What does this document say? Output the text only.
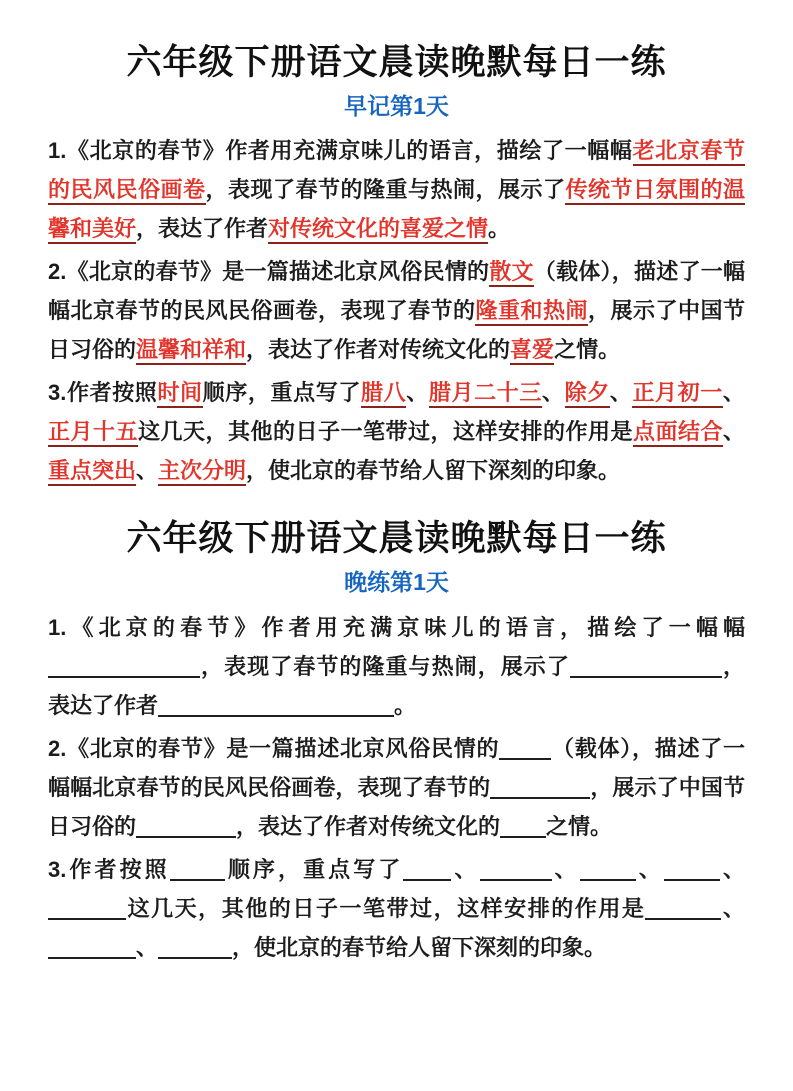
六年级下册语文晨读晚默每日一练
早记第1天

1.《北京的春节》作者用充满京味儿的语言，描绘了一幅幅老北京春节的民风民俗画卷，表现了春节的隆重与热闹，展示了传统节日氛围的温馨和美好，表达了作者对传统文化的喜爱之情。

2.《北京的春节》是一篇描述北京风俗民情的散文（载体），描述了一幅幅北京春节的民风民俗画卷，表现了春节的隆重和热闹，展示了中国节日习俗的温馨和祥和，表达了作者对传统文化的喜爱之情。

3.作者按照时间顺序，重点写了腊八、腊月二十三、除夕、正月初一、正月十五这几天，其他的日子一笔带过，这样安排的作用是点面结合、重点突出、主次分明，使北京的春节给人留下深刻的印象。

六年级下册语文晨读晚默每日一练
晚练第1天

1.《北京的春节》作者用充满京味儿的语言，描绘了一幅幅，表现了春节的隆重与热闹，展示了	，表达了作者	。

2.《北京的春节》是一篇描述北京风俗民情的 （载体），描述了一幅幅北京春节的民风民俗画卷，表现了春节的	，展示了中国节日习俗的	，表达了作者对传统文化的 之情。

3.作者按照	顺序，重点写了 、	、	、	、这几天，其他的日子一笔带过，这样安排的作用是	、、	，使北京的春节给人留下深刻的印象。
